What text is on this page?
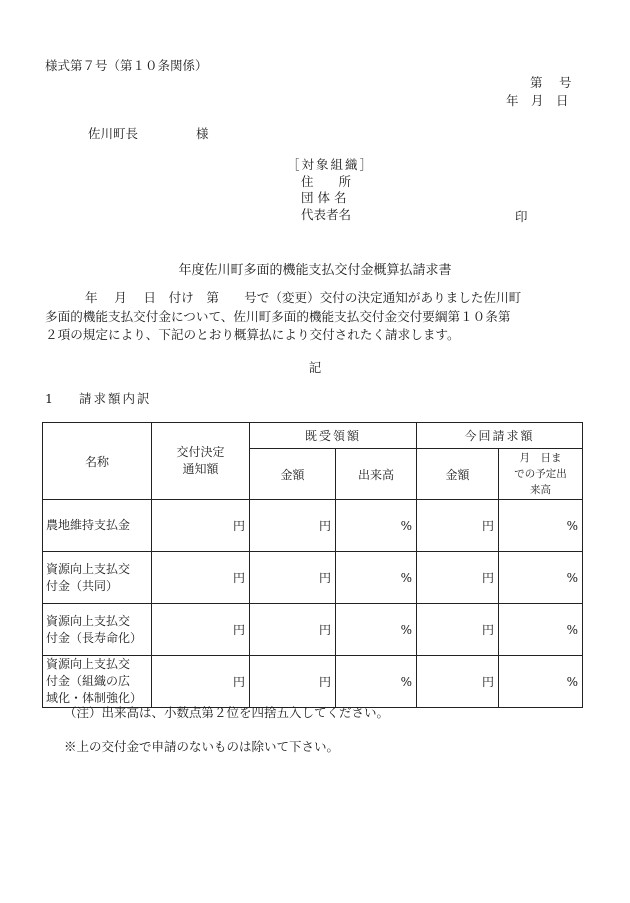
様式第７号（第１０条関係）
第　 号
年　月　日
佐川町長	様
［対象組織］
住　　所
団 体 名
代表者名	印
年度佐川町多面的機能支払交付金概算払請求書

年　 月　 日　付け　第　　号で（変更）交付の決定通知がありました佐川町

多面的機能支払交付金について、佐川町多面的機能支払交付金交付要綱第１０条第

２項の規定により、下記のとおり概算払により交付されたく請求します。

記
1 請求額内訳
名称	交付決定
通知額	既受領額		今回請求額	
		金額	出来高	金額	月　日ま
での予定出
来高

農地維持支払金	円	円	%	円	%

資源向上支払交
付金（共同）	円	円	%	円	%

資源向上支払交
付金（長寿命化）	円	円	%	円	%

資源向上支払交
付金（組織の広
域化・体制強化）	円	円	%	円	%
（注）出来高は、小数点第２位を四捨五入してください。
※上の交付金で申請のないものは除いて下さい。
